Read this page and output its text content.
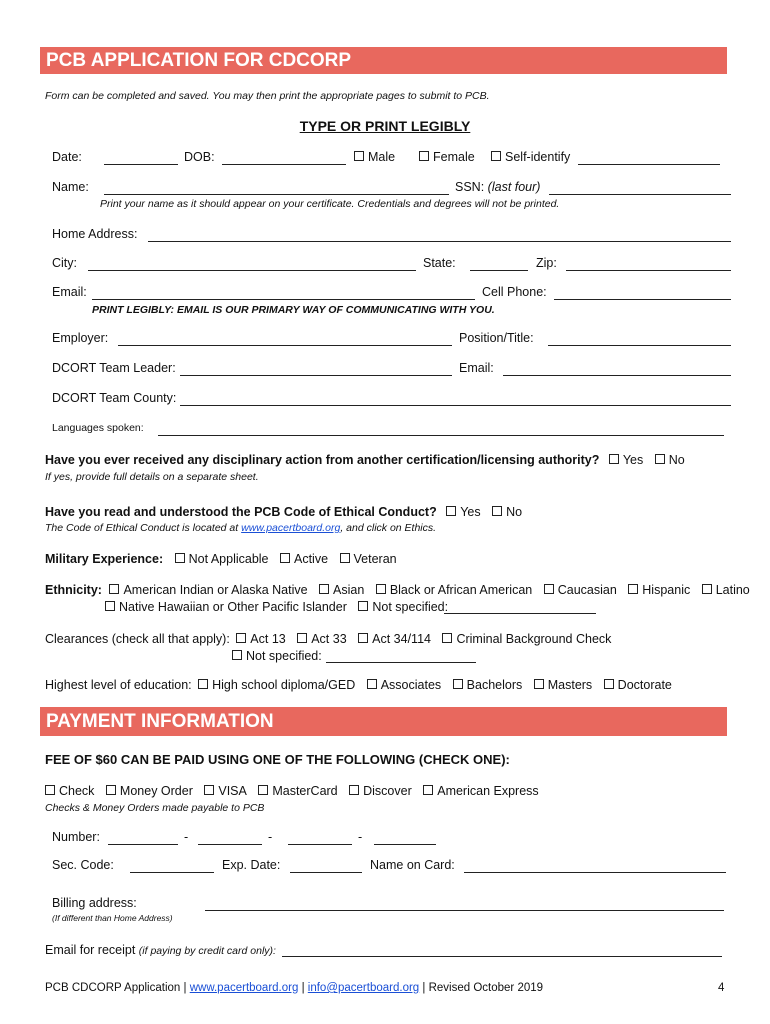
PCB APPLICATION FOR CDCORP
Form can be completed and saved. You may then print the appropriate pages to submit to PCB.
TYPE OR PRINT LEGIBLY
Date:	DOB:	Male	Female	Self-identify
Name:	SSN: (last four)
Print your name as it should appear on your certificate. Credentials and degrees will not be printed.
Home Address:
City:	State:	Zip:
Email:	Cell Phone:
PRINT LEGIBLY: EMAIL IS OUR PRIMARY WAY OF COMMUNICATING WITH YOU.
Employer:	Position/Title:
DCORT Team Leader:	Email:
DCORT Team County:
Languages spoken:
Have you ever received any disciplinary action from another certification/licensing authority? Yes No
If yes, provide full details on a separate sheet.
Have you read and understood the PCB Code of Ethical Conduct? Yes No
The Code of Ethical Conduct is located at www.pacertboard.org, and click on Ethics.
Military Experience: Not Applicable Active Veteran
Ethnicity: American Indian or Alaska Native Asian Black or African American Caucasian Hispanic Latino
Native Hawaiian or Other Pacific Islander Not specified:
Clearances (check all that apply): Act 13 Act 33 Act 34/114 Criminal Background Check
Not specified:
Highest level of education: High school diploma/GED Associates Bachelors Masters Doctorate
PAYMENT INFORMATION
FEE OF $60 CAN BE PAID USING ONE OF THE FOLLOWING (CHECK ONE):
Check Money Order VISA MasterCard Discover American Express
Checks & Money Orders made payable to PCB
Number:	-	-	-
Sec. Code:	Exp. Date:	Name on Card:
Billing address:
(If different than Home Address)
Email for receipt (if paying by credit card only):
PCB CDCORP Application | www.pacertboard.org | info@pacertboard.org | Revised October 2019	4
